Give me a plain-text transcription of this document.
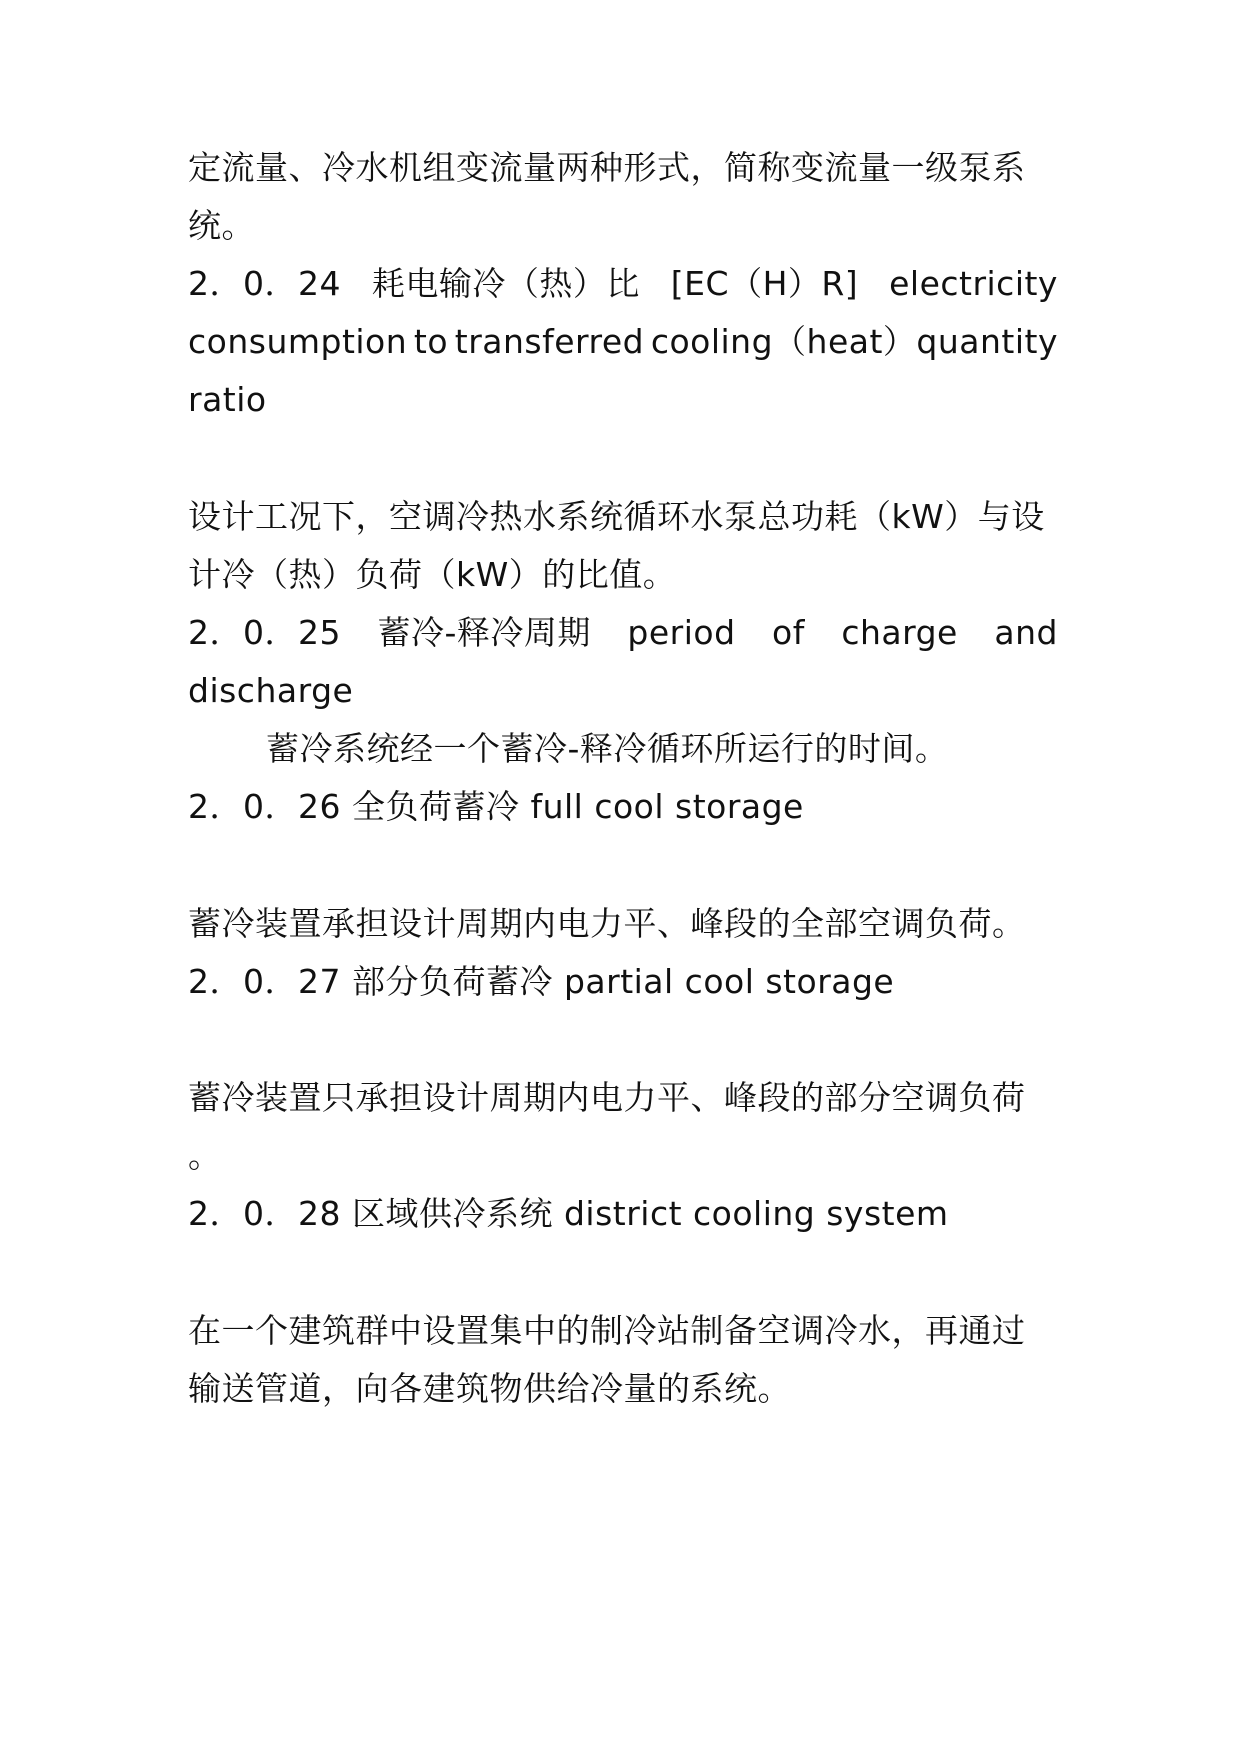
定流量、冷水机组变流量两种形式，简称变流量一级泵系
统。
2．0．24 耗电输冷（热）比 [EC（H）R] electricity
consumption to transferred cooling（heat）quantity
ratio
设计工况下，空调冷热水系统循环水泵总功耗（kW）与设
计冷（热）负荷（kW）的比值。
2．0．25 蓄冷-释冷周期 period of charge and
discharge
蓄冷系统经一个蓄冷-释冷循环所运行的时间。
2．0．26 全负荷蓄冷 full cool storage
蓄冷装置承担设计周期内电力平、峰段的全部空调负荷。
2．0．27 部分负荷蓄冷 partial cool storage
蓄冷装置只承担设计周期内电力平、峰段的部分空调负荷
。
2．0．28 区域供冷系统 district cooling system
在一个建筑群中设置集中的制冷站制备空调冷水，再通过
输送管道，向各建筑物供给冷量的系统。
